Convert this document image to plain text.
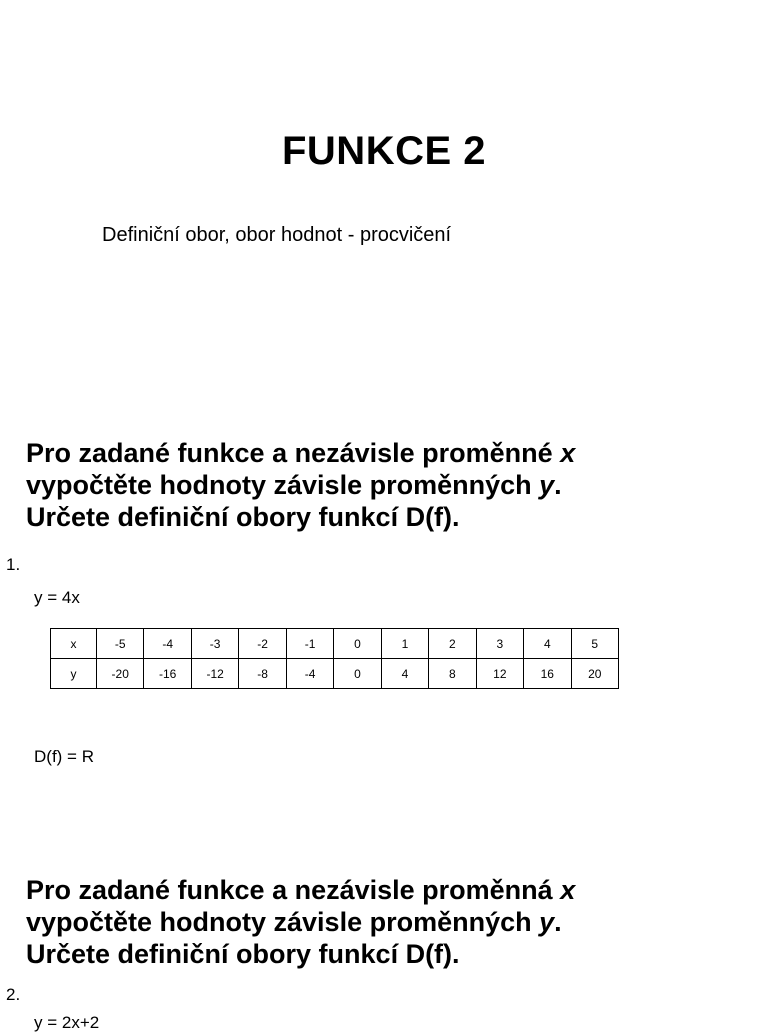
FUNKCE 2
Definiční obor, obor hodnot - procvičení
Pro zadané funkce a nezávisle proměnné x
vypočtěte hodnoty závisle proměnných y.
Určete definiční obory funkcí D(f).
1.
y = 4x
x	-5	-4	-3	-2	-1	0	1	2	3	4	5
y	-20	-16	-12	-8	-4	0	4	8	12	16	20
D(f) = R
Pro zadané funkce a nezávisle proměnná x
vypočtěte hodnoty závisle proměnných y.
Určete definiční obory funkcí D(f).
2.
y = 2x+2
